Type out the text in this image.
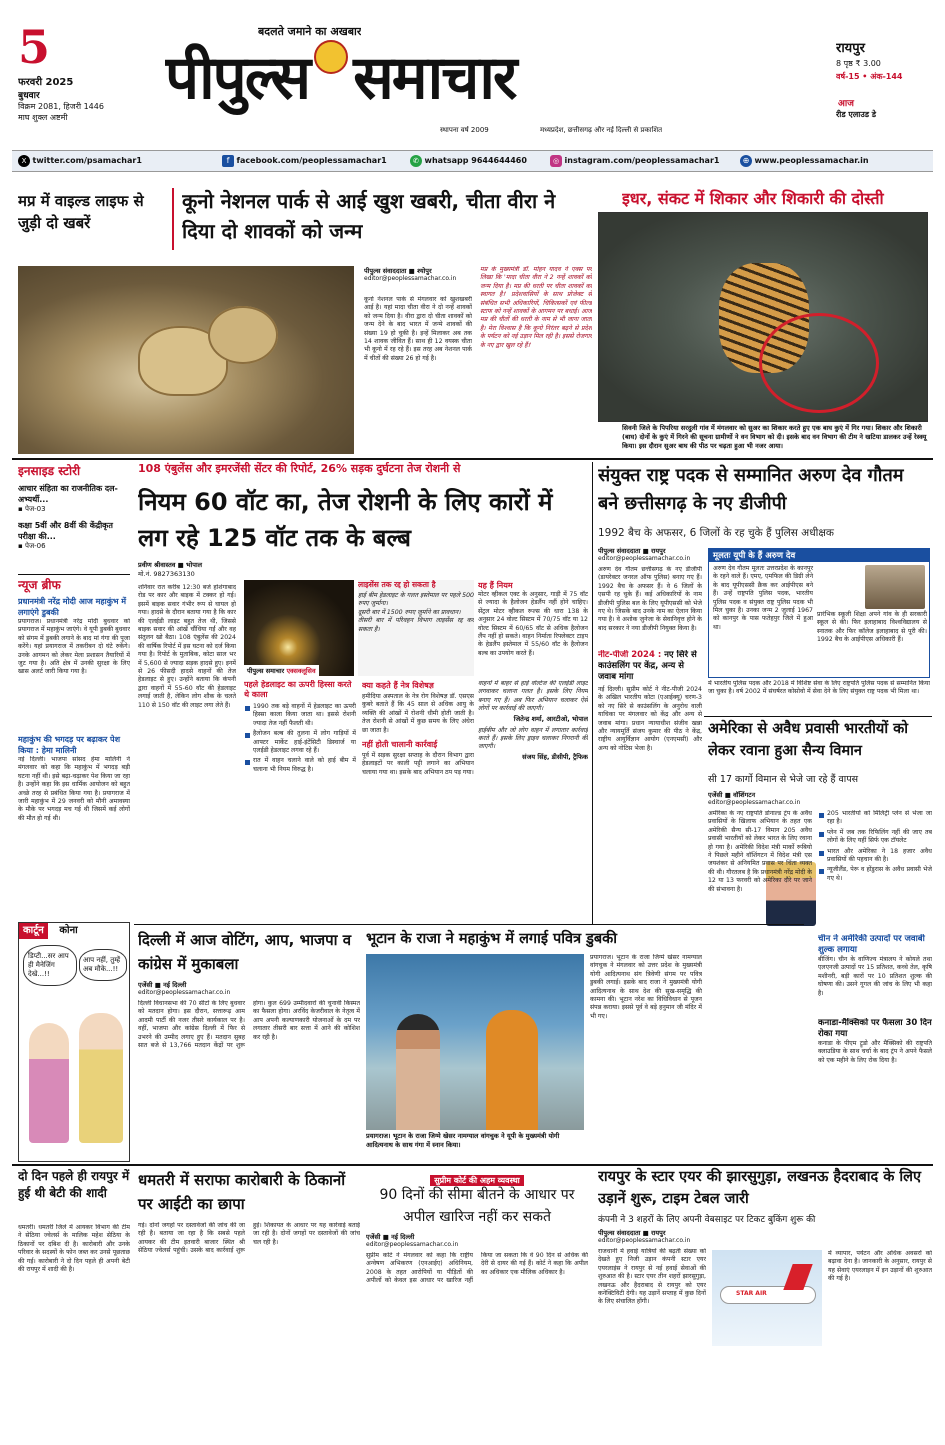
5
फरवरी 2025
बुधवार
विक्रम 2081, हिजरी 1446
माघ शुक्ल अष्टमी
बदलते जमाने का अखबार
पीपुल्स समाचार
स्थापना वर्ष 2009	मध्यप्रदेश, छत्तीसगढ़ और नई दिल्ली से प्रकाशित
रायपुर
8 पृष्ठ ₹ 3.00
वर्ष-15 • अंक-144
आज
रीड एलाउड डे
X twitter.com/psamachar1	f facebook.com/peoplessamachar1	✆ whatsapp 9644644460	◎ instagram.com/peoplessamachar1	⊕ www.peoplessamachar.in
मप्र में वाइल्ड लाइफ से जुड़ी दो खबरें
कूनो नेशनल पार्क से आई खुश खबरी, चीता वीरा ने दिया दो शावकों को जन्म
पीपुल्स संवाददाता ■ श्योपुर
editor@peoplessamachar.co.in
कूनो नेशनल पार्क से मंगलवार को खुशखबरी आई है। यहां मादा चीता वीरा ने दो नन्हें शावकों को जन्म दिया है। वीरा द्वारा दो चीता शावकों को जन्म देने के बाद भारत में जन्मे शावकों की संख्या 19 हो चुकी है। इन्हें मिलाकर अब तक 14 शावक जीवित हैं। साथ ही 12 वयस्क चीता भी कूनो में रह रहे हैं। इस तरह अब नेशनल पार्क में चीतों की संख्या 26 हो गई है।
मप्र के मुख्यमंत्री डॉ. मोहन यादव ने एक्स पर लिखा कि 'मादा चीता वीरा ने 2 नन्हें शावकों को जन्म दिया है। मप्र की धरती पर चीता शावकों का स्वागत है।' प्रदेशवासियों के साथ प्रोजेक्ट से संबंधित सभी अधिकारियों, चिकित्सकों एवं फील्ड स्टाफ को नन्हें शावकों के आगमन पर बधाई। आज मप्र की चीतों की धरती के नाम से भी जाना जाता है। मेरा विश्वास है कि कूनो निरंतर बढ़ने से प्रदेश के पर्यटन को नई उड़ान मिल रही है। इससे रोजगार के नए द्वार खुल रहे हैं।'
इधर, संकट में शिकार और शिकारी की दोस्ती
सिवनी जिले के पिपरिया सरदुली गांव में मंगलवार को सुअर का शिकार करते हुए एक बाघ कुएं में गिर गया। शिकार और शिकारी (बाघ) दोनों के कुएं में गिरने की सूचना ग्रामीणों ने वन विभाग को दी। इसके बाद वन विभाग की टीम ने खटिया डालकर उन्हें रेस्क्यू किया। इस दौरान सुअर बाघ की पीठ पर चढ़ता हुआ भी नजर आया।
इनसाइड स्टोरी
आचार संहिता का राजनीतिक दल-अभ्यर्थी...
▪ पेज-03
कक्षा 5वीं और 8वीं की केंद्रीकृत परीक्षा की...
▪ पेज-06
न्यूज ब्रीफ
प्रधानमंत्री नरेंद्र मोदी आज महाकुंभ में लगाएंगे डुबकी
प्रयागराज। प्रधानमंत्री नरेंद्र मोदी बुधवार को प्रयागराज में महाकुंभ जाएंगे। वे यूपी डुबकी बुधवार को संगम में डुबकी लगाने के बाद मां गंगा की पूजा करेंगे। यहां प्रयागराज में तकरीबन दो घंटे रुकेंगे। उनके आगमन को लेकर मेला प्रशासन तैयारियों में जुट गया है। अति क्षेत्र में उनकी सुरक्षा के लिए खास अलर्ट जारी किया गया है।
महाकुंभ की भगदड़ पर बढ़ाकर पेश किया : हेमा मालिनी
नई दिल्ली। भाजपा सांसद हेमा मालिनी ने मंगलवार को कहा कि महाकुंभ में भगदड़ बड़ी घटना नहीं थी। इसे बढ़ा-चढ़ाकर पेश किया जा रहा है। उन्होंने कहा कि इस धार्मिक आयोजन को बहुत अच्छे तरह से प्रबंधित किया गया है। प्रयागराज में जारी महाकुंभ में 29 जनवरी को मौनी अमावस्या के मौके पर भगदड़ मच गई थी जिसमें कई लोगों की मौत हो गई थी।
कार्टून कोना
डिप्टी...सर आप ही मैनेजिंग देखे...!!
आप नहीं, तुम्हें अब मौके...!!
108 एंबुलेंस और इमरजेंसी सेंटर की रिपोर्ट, 26% सड़क दुर्घटना तेज रोशनी से
नियम 60 वॉट का, तेज रोशनी के लिए कारों में लग रहे 125 वॉट तक के बल्ब
प्रवीण श्रीवास्तव ■ भोपाल
मो.नं. 9827363130
शनिवार रात करीब 12:30 बजे होशंगाबाद रोड पर कार और बाइक में टक्कर हो गई। इसमें बाइक सवार गंभीर रूप से घायल हो गया। हादसे के दौरान बताया गया है कि कार की एलईडी लाइट बहुत तेज थी, जिससे बाइक सवार की आंखें चौंधिया गईं और वह संतुलन खो बैठा। 108 एंबुलेंस की 2024 की वार्षिक रिपोर्ट में इस घटना को दर्ज किया गया है। रिपोर्ट के मुताबिक, कोटा साल भर में 5,600 से ज्यादा सड़क हादसे हुए। इनमें से 26 फीसदी हादसे वाहनों की तेज हेडलाइट से हुए। उन्होंने बताया कि कंपनी द्वारा वाहनों में 55-60 वॉट की हेडलाइट लगाई जाती है, लेकिन लोग शौक के चलते 110 से 150 वॉट की लाइट लगा लेते हैं।
पीपुल्स समाचार एक्सक्लूसिव
लाइसेंस तक रद्द हो सकता है
हाई बीम हेडलाइट के गलत इस्तेमाल पर पहले 500 रुपए जुर्माना।
दूसरी बार में 1500 रुपए जुर्माने का प्रावधान।
तीसरी बार में परिवहन विभाग लाइसेंस रद्द कर सकता है।
यह हैं नियम
मोटर व्हीकल एक्ट के अनुसार, गाड़ी में 75 वॉट से ज्यादा के हैलोजन हेडलैंप नहीं होने चाहिए। सेंट्रल मोटर व्हीकल रूल्स की धारा 138 के अनुसार 24 वोल्ट सिस्टम में 70/75 वॉट या 12 वोल्ट सिस्टम में 60/65 वॉट से अधिक हैलोजन लैंप नहीं हो सकते। वाहन निर्माता रिफ्लेक्टर टाइप के हेडलैंप इस्तेमाल में 55/60 वॉट के हैलोजन बल्ब का उपयोग करते हैं।
पहले हेडलाइट का ऊपरी हिस्सा करते थे काला
1990 तक बड़े वाहनों में हेडलाइट का ऊपरी हिस्सा काला किया जाता था। इससे रोशनी ज्यादा तेज नहीं फैलती थी।
हैलोजन बल्ब की तुलना में लोग गाड़ियों में आफ्टर मार्केट हाई-इंटेंसिटी डिस्चार्ज या एलईडी हेडलाइट लगवा रहे हैं।
रात में वाहन चलाने वाले को हाई बीम में चलाना भी नियम विरुद्ध है।
क्या कहते हैं नेत्र विशेषज्ञ
हमीदिया अस्पताल के नेत्र रोग विशेषज्ञ डॉ. एसएस कुबरे बताते हैं कि 45 साल से अधिक आयु के व्यक्ति की आंखों में रोशनी धीमी होती जाती है। तेज रोशनी से आंखों में कुछ समय के लिए अंधेरा छा जाता है।
नहीं होती चालानी कार्रवाई
पूर्व में सड़क सुरक्षा सप्ताह के दौरान विभाग द्वारा हेडलाइटों पर काली पट्टी लगाने का अभियान चलाया गया था। इसके बाद अभियान ठप पड़ गया।
वाहनों में बाहर से हाई वोल्टेज की एलईडी लाइट लगवाकर चलाना गलत है। इसके लिए नियम बनाए गए हैं। अब फिर अभियान चलाकर ऐसे लोगों पर कार्रवाई की जाएगी।
जितेन्द्र शर्मा, आरटीओ, भोपाल
हाईबीम और जो लोग वाहन में लगातार कार्रवाई करते हैं। इसके लिए ड्राइव चलाकर निगरानी की जाएगी।
संजय सिंह, डीसीपी, ट्रैफिक
संयुक्त राष्ट्र पदक से सम्मानित अरुण देव गौतम बने छत्तीसगढ़ के नए डीजीपी
1992 बैच के अफसर, 6 जिलों के रह चुके हैं पुलिस अधीक्षक
पीपुल्स संवाददाता ■ रायपुर
editor@peoplessamachar.co.in
अरुण देव गौतम छत्तीसगढ़ के नए डीजीपी (डायरेक्टर जनरल ऑफ पुलिस) बनाए गए हैं। 1992 बैच के अफसर हैं। वे 6 जिलों के एसपी रह चुके हैं। कई अधिकारियों के नाम डीजीपी पुलिस बल के लिए यूपीएससी को भेजे गए थे। जिसके बाद उनके नाम का ऐलान किया गया है। वे अशोक जुनेजा के सेवानिवृत्त होने के बाद सरकार ने नया डीजीपी नियुक्त किया है।
मूलतः यूपी के हैं अरुण देव
अरुण देव गौतम मूलतः उत्तरप्रदेश के कानपुर के रहने वाले हैं। एमए, एमफिल की डिग्री लेने के बाद यूपीएससी क्रैक कर आईपीएस बने हैं। उन्हें राष्ट्रपति पुलिस पदक, भारतीय पुलिस पदक व संयुक्त राष्ट्र पुलिस पदक भी मिल चुका है। उनका जन्म 2 जुलाई 1967 को कानपुर के पास फतेहपुर जिले में हुआ था।
प्रारंभिक स्कूली शिक्षा अपने गांव के ही सरकारी स्कूल से की। फिर इलाहाबाद विश्वविद्यालय से स्नातक और फिर कॉलेज इलाहाबाद से पूरी की। 1992 बैच के आईपीएस अधिकारी हैं।
में भारतीय पुलिस पदक और 2018 में विशिष्ट सेवा के लिए राष्ट्रपति पुलिस पदक से सम्मानित किया जा चुका है। वर्ष 2002 में संघर्षरत कोसोवो में सेवा देने के लिए संयुक्त राष्ट्र पदक भी मिला था।
नीट-पीजी 2024 : नए सिरे से काउंसलिंग पर केंद्र, अन्य से जवाब मांगा
नई दिल्ली। सुप्रीम कोर्ट ने नीट-पीजी 2024 के अखिल भारतीय कोटा (एआईक्यू) चरण-3 को नए सिरे से काउंसलिंग के अनुरोध वाली याचिका पर मंगलवार को केंद्र और अन्य से जवाब मांगा। प्रधान न्यायाधीश संजीव खन्ना और न्यायमूर्ति संजय कुमार की पीठ ने केंद्र, राष्ट्रीय आयुर्विज्ञान आयोग (एनएमसी) और अन्य को नोटिस भेजा है।
अमेरिका से अवैध प्रवासी भारतीयों को लेकर रवाना हुआ सैन्य विमान
सी 17 कार्गो विमान से भेजे जा रहे हैं वापस
एजेंसी ■ वॉशिंगटन
editor@peoplessamachar.co.in
अमेरिका के नए राष्ट्रपति डोनाल्ड ट्रंप के अवैध प्रवासियों के खिलाफ अभियान के तहत एक अमेरिकी सैन्य सी-17 विमान 205 अवैध प्रवासी भारतीयों को लेकर भारत के लिए रवाना हो गया है। अमेरिकी विदेश मंत्री मार्को रूबियो ने पिछले महीने वॉशिंगटन में विदेश मंत्री एस जयशंकर से अनियमित प्रवास पर चिंता व्यक्त की थी। गौरतलब है कि प्रधानमंत्री नरेंद्र मोदी के 12 या 13 फरवरी को अमेरिका दौरे पर जाने की संभावना है।
205 भारतीयों को मिलिट्री प्लेन से भेजा जा रहा है।
प्लेन में जब तक रिफिलिंग नहीं की जाए तब लोगों के लिए यहीं सिर्फ एक टॉयलेट
भारत और अमेरिका ने 18 हजार अवैध प्रवासियों की पहचान की है।
न्यूजीलैंड, पेरू व होंडुरास के अवैध प्रवासी भेजे गए थे।
चीन ने अमेरिकी उत्पादों पर जवाबी शुल्क लगाया
बीजिंग। चीन के वाणिज्य मंत्रालय ने कोयले तथा एलएनजी उत्पादों पर 15 प्रतिशत, कच्चे तेल, कृषि मशीनरी, बड़ी कारों पर 10 प्रतिशत शुल्क की घोषणा की। उसने गूगल की जांच के लिए भी कहा है।
कनाडा-मैक्सिको पर फैसला 30 दिन रोका गया
कनाडा के पीएम ट्रूडो और मैक्सिको की राष्ट्रपति क्लाउडिया के साथ चर्चा के बाद ट्रंप ने अपने फैसले को एक महीने के लिए रोक दिया है।
दिल्ली में आज वोटिंग, आप, भाजपा व कांग्रेस में मुकाबला
एजेंसी ■ नई दिल्ली
editor@peoplessamachar.co.in
दिल्ली विधानसभा की 70 सीटों के लिए बुधवार को मतदान होगा। इस दौरान, सत्तारूढ़ आम आदमी पार्टी की नजर तीसरे कार्यकाल पर है। वहीं, भाजपा और कांग्रेस दिल्ली में फिर से उभरने की उम्मीद लगाए हुए हैं। मतदान सुबह सात बजे से 13,766 मतदान केंद्रों पर शुरू होगा। कुल 699 उम्मीदवारों की चुनावी किस्मत का फैसला होगा। अरविंद केजरीवाल के नेतृत्व में आप अपनी कल्याणकारी योजनाओं के दम पर लगातार तीसरी बार सत्ता में आने की कोशिश कर रही है।
भूटान के राजा ने महाकुंभ में लगाई पवित्र डुबकी
प्रयागराज। भूटान के राजा जिग्मे खेसर नामग्याल वांगचुक ने यूपी के मुख्यमंत्री योगी आदित्यनाथ के साथ गंगा में स्नान किया।
प्रयागराज। भूटान के राजा जिग्मे खेसर नामग्याल वांगचुक ने मंगलवार को उत्तर प्रदेश के मुख्यमंत्री योगी आदित्यनाथ संग त्रिवेणी संगम पर पवित्र डुबकी लगाई। इसके बाद राजा ने मुख्यमंत्री योगी आदित्यनाथ के साथ देश की सुख-समृद्धि की कामना की। भूटान नरेश का विधिविधान से पूजन संपन्न कराया। इससे पूर्व वे बड़े हनुमान जी मंदिर में भी गए।
दो दिन पहले ही रायपुर में हुई थी बेटी की शादी
धमतरी। धमतरी जिले में आयकर विभाग की टीम ने सेठिया ज्वेलर्स के मालिक महेश सेठिया के ठिकानों पर दबिश दी है। कारोबारी और उनके परिवार के सदस्यों के फोन जब्त कर उनसे पूछताछ की गई। कारोबारी ने दो दिन पहले ही अपनी बेटी की रायपुर में शादी की है।
धमतरी में सराफा कारोबारी के ठिकानों पर आईटी का छापा
गई। दोनों जगहों पर दस्तावेजों की जांच की जा रही है। बताया जा रहा है कि सबसे पहले आयकर की टीम इतवारी बाजार स्थित श्री सेठिया ज्वेलर्स पहुंची। उसके बाद कार्रवाई शुरू हुई। शिकायत के आधार पर यह कार्रवाई बताई जा रही है। दोनों जगहों पर दस्तावेजों की जांच चल रही है।
सुप्रीम कोर्ट की अहम व्यवस्था
90 दिनों की सीमा बीतने के आधार पर अपील खारिज नहीं कर सकते
एजेंसी ■ नई दिल्ली
editor@peoplessamachar.co.in
सुप्रीम कोर्ट ने मंगलवार को कहा कि राष्ट्रीय अन्वेषण अभिकरण (एनआईए) अधिनियम, 2008 के तहत आरोपियों या पीड़ितों की अपीलों को केवल इस आधार पर खारिज नहीं किया जा सकता कि वे 90 दिन से अधिक की देरी से दायर की गई हैं। कोर्ट ने कहा कि अपील का अधिकार एक मौलिक अधिकार है।
रायपुर के स्टार एयर की झारसुगुड़ा, लखनऊ हैदराबाद के लिए उड़ानें शुरू, टाइम टेबल जारी
कंपनी ने 3 शहरों के लिए अपनी वेबसाइट पर टिकट बुकिंग शुरू की
पीपुल्स संवाददाता ■ रायपुर
editor@peoplessamachar.co.in
राजधानी में हवाई यात्रियों की बढ़ती संख्या को देखते हुए निजी उड़ान कंपनी स्टार एयर एयरलाइंस ने रायपुर से नई हवाई सेवाओं की शुरुआत की है। स्टार एयर तीन शहरों झारसुगुड़ा, लखनऊ और हैदराबाद से रायपुर को एयर कनेक्टिविटी देगी। यह उड़ानें सप्ताह में कुछ दिनों के लिए संचालित होंगी।
STAR AIR
में व्यापार, पर्यटन और अधिक अवसरों को बढ़ावा देना है। जानकारी के अनुसार, रायपुर से यह सेवाएं एयरलाइन में इन उड़ानों की शुरुआत की गई है।
